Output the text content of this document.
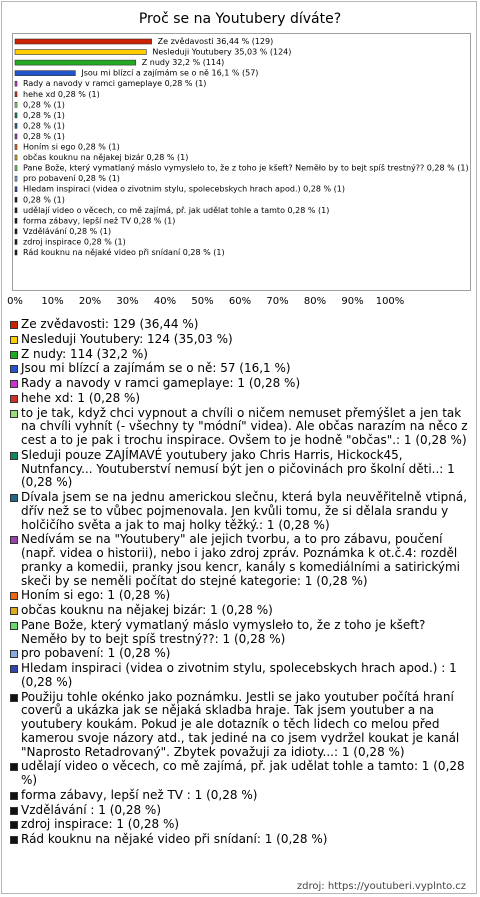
Proč se na Youtubery díváte?
Ze zvědavosti 36,44 % (129)
Nesleduji Youtubery 35,03 % (124)
Z nudy 32,2 % (114)
Jsou mi blízcí a zajímám se o ně 16,1 % (57)
Rady a navody v ramci gameplaye 0,28 % (1)
hehe xd 0,28 % (1)
0,28 % (1)
0,28 % (1)
0,28 % (1)
0,28 % (1)
Honím si ego 0,28 % (1)
občas kouknu na nějakej bizár 0,28 % (1)
Pane Bože, který vymatlaný máslo vymysleło to, že z toho je kšeft? Neměło by to bejt spíš trestný?? 0,28 % (1)
pro pobavení 0,28 % (1)
Hledam inspiraci (videa o zivotnim stylu, spolecebskych hrach apod.) 0,28 % (1)
0,28 % (1)
udělají video o věcech, co mě zajímá, př. jak udělat tohle a tamto 0,28 % (1)
forma zábavy, lepší než TV 0,28 % (1)
Vzdělávání 0,28 % (1)
zdroj inspirace 0,28 % (1)
Rád kouknu na nějaké video při snídaní 0,28 % (1)
0% 10% 20% 30% 40% 50% 60% 70% 80% 90% 100%
Ze zvědavosti: 129 (36,44 %)
Nesleduji Youtubery: 124 (35,03 %)
Z nudy: 114 (32,2 %)
Jsou mi blízcí a zajímám se o ně: 57 (16,1 %)
Rady a navody v ramci gameplaye: 1 (0,28 %)
hehe xd: 1 (0,28 %)
to je tak, když chci vypnout a chvíli o ničem nemuset přemýšlet a jen tak na chvíli vyhnít (- všechny ty "módní" videa). Ale občas narazím na něco z cest a to je pak i trochu inspirace. Ovšem to je hodně "občas".: 1 (0,28 %)
Sleduji pouze ZAJÍMAVÉ youtubery jako Chris Harris, Hickock45, Nutnfancy... Youtuberství nemusí být jen o pičovinách pro školní děti..: 1 (0,28 %)
Dívala jsem se na jednu americkou slečnu, která byla neuvěřitelně vtipná, dřív než se to vůbec pojmenovala. Jen kvůli tomu, že si dělala srandu y holčičího světa a jak to maj holky těžký.: 1 (0,28 %)
Nedívám se na "Youtubery" ale jejich tvorbu, a to pro zábavu, poučení (např. videa o historii), nebo i jako zdroj zpráv. Poznámka k ot.č.4: rozděl pranky a komedii, pranky jsou kencr, kanály s komediálními a satirickými skeči by se neměli počítat do stejné kategorie: 1 (0,28 %)
Honím si ego: 1 (0,28 %)
občas kouknu na nějakej bizár: 1 (0,28 %)
Pane Bože, který vymatlaný máslo vymysleło to, že z toho je kšeft? Neměło by to bejt spíš trestný??: 1 (0,28 %)
pro pobavení: 1 (0,28 %)
Hledam inspiraci (videa o zivotnim stylu, spolecebskych hrach apod.) : 1 (0,28 %)
Použiju tohle okénko jako poznámku. Jestli se jako youtuber počítá hraní coverů a ukázka jak se nějaká skladba hraje. Tak jsem youtuber a na youtubery koukám. Pokud je ale dotazník o těch lidech co melou před kamerou svoje názory atd., tak jediné na co jsem vydržel koukat je kanál "Naprosto Retadrovaný". Zbytek považuji za idioty...: 1 (0,28 %)
udělají video o věcech, co mě zajímá, př. jak udělat tohle a tamto: 1 (0,28 %)
forma zábavy, lepší než TV : 1 (0,28 %)
Vzdělávání : 1 (0,28 %)
zdroj inspirace: 1 (0,28 %)
Rád kouknu na nějaké video při snídaní: 1 (0,28 %)
zdroj: https://youtuberi.vyplnto.cz
